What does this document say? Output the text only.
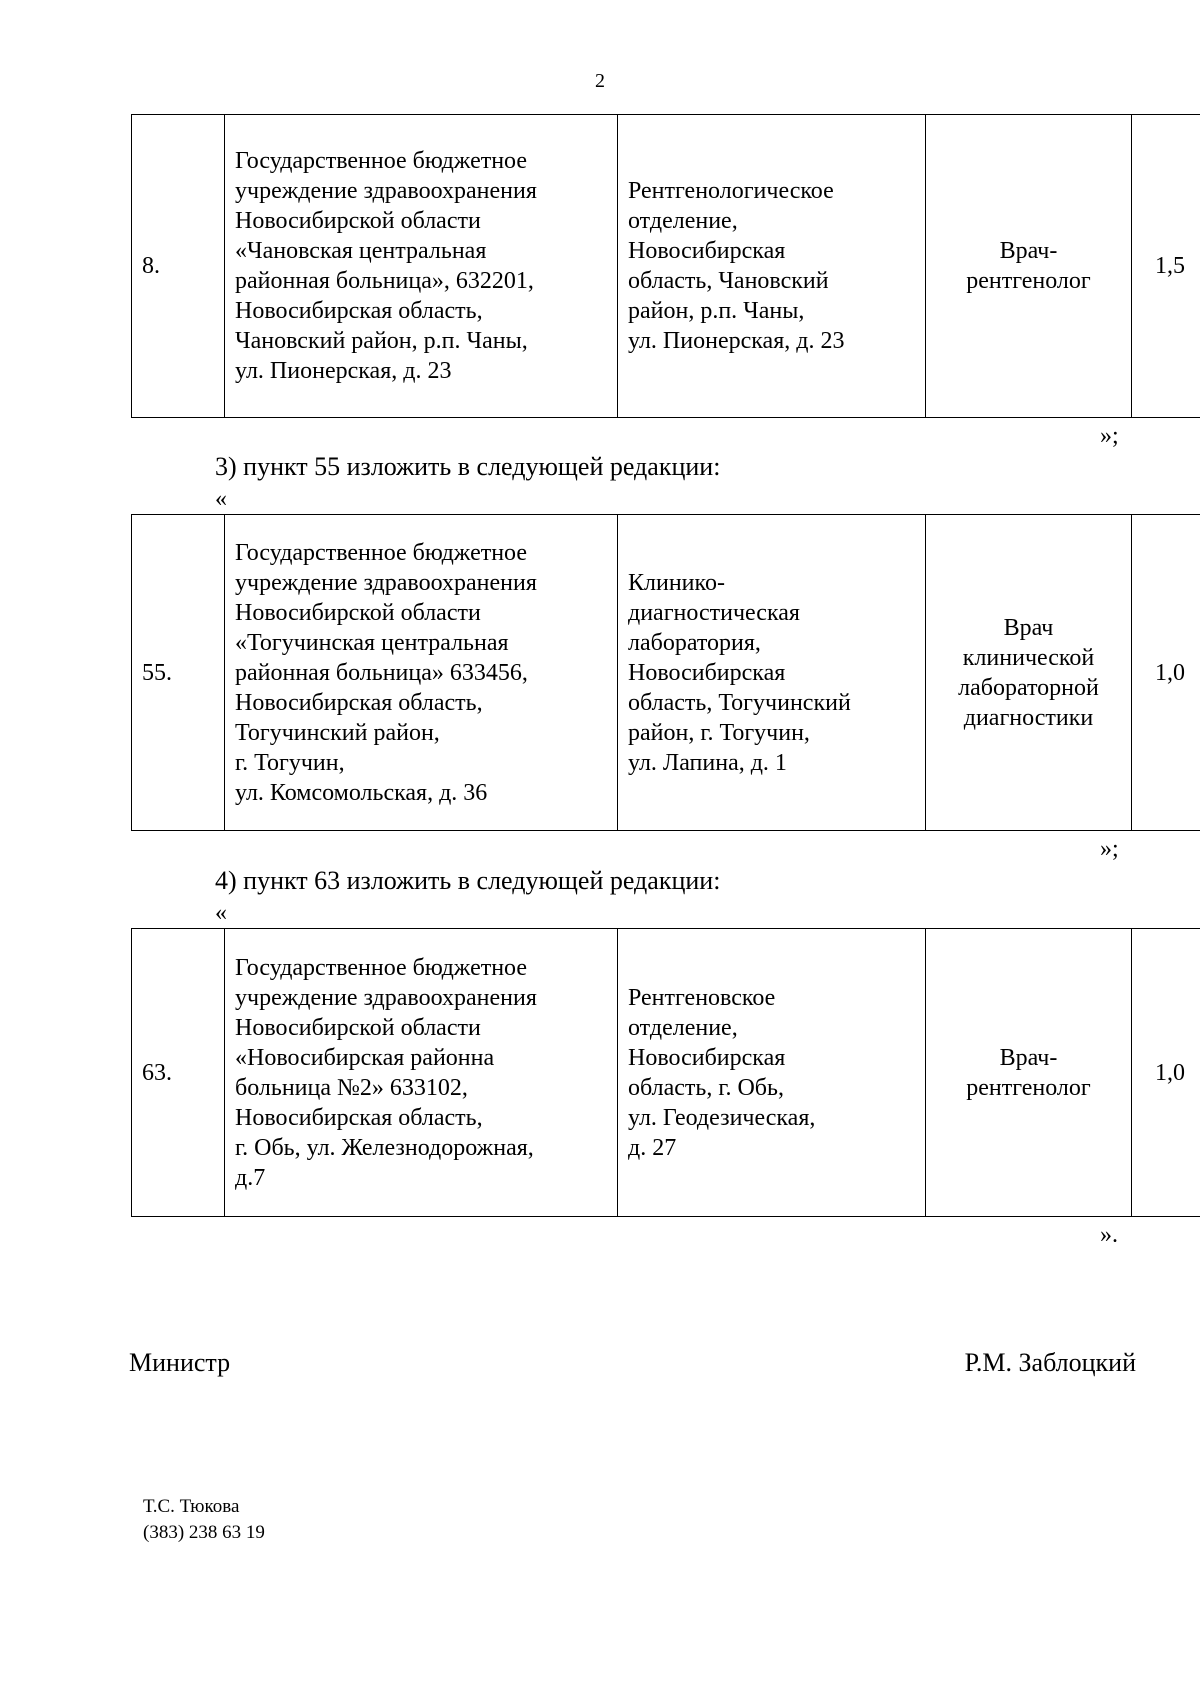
2
8.	Государственное бюджетное
учреждение здравоохранения
Новосибирской области
«Чановская центральная
районная больница», 632201,
Новосибирская область,
Чановский район, р.п. Чаны,
ул. Пионерская, д. 23	Рентгенологическое
отделение,
Новосибирская
область, Чановский
район, р.п. Чаны,
ул. Пионерская, д. 23	Врач-
рентгенолог	1,5
»;
3) пункт 55 изложить в следующей редакции:
«
55.	Государственное бюджетное
учреждение здравоохранения
Новосибирской области
«Тогучинская центральная
районная больница» 633456,
Новосибирская область,
Тогучинский район,
г. Тогучин,
ул. Комсомольская, д. 36	Клинико-
диагностическая
лаборатория,
Новосибирская
область, Тогучинский
район, г. Тогучин,
ул. Лапина, д. 1	Врач
клинической
лабораторной
диагностики	1,0
»;
4) пункт 63 изложить в следующей редакции:
«
63.	Государственное бюджетное
учреждение здравоохранения
Новосибирской области
«Новосибирская районна
больница №2» 633102,
Новосибирская область,
г. Обь, ул. Железнодорожная,
д.7	Рентгеновское
отделение,
Новосибирская
область, г. Обь,
ул. Геодезическая,
д. 27	Врач-
рентгенолог	1,0
».
Министр	Р.М. Заблоцкий
Т.С. Тюкова
(383) 238 63 19
